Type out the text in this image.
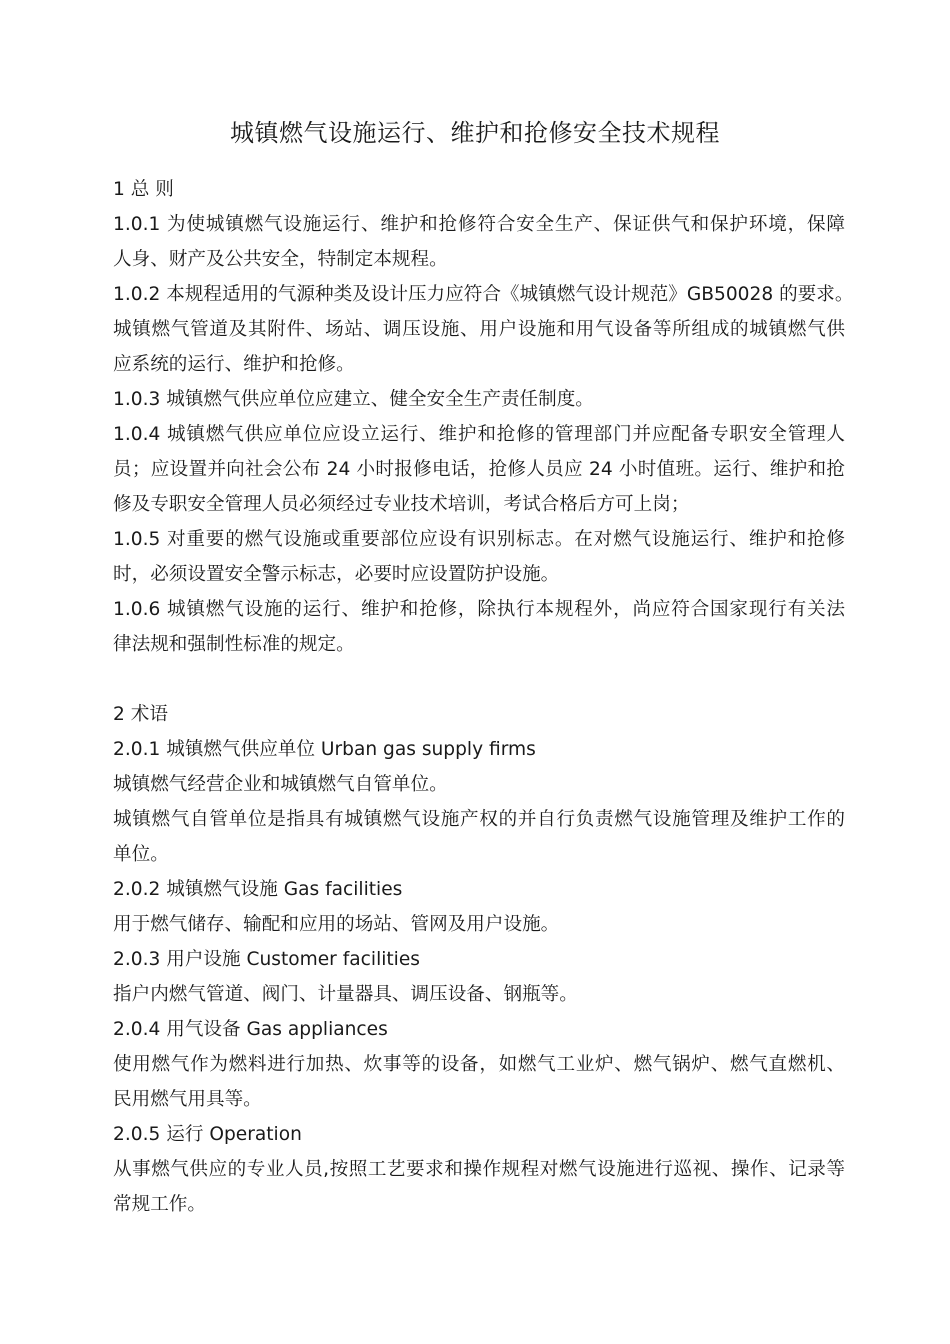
城镇燃气设施运行、维护和抢修安全技术规程
1 总 则
1.0.1 为使城镇燃气设施运行、维护和抢修符合安全生产、保证供气和保护环境，保障
人身、财产及公共安全，特制定本规程。
1.0.2 本规程适用的气源种类及设计压力应符合《城镇燃气设计规范》GB50028 的要求。
城镇燃气管道及其附件、场站、调压设施、用户设施和用气设备等所组成的城镇燃气供
应系统的运行、维护和抢修。
1.0.3 城镇燃气供应单位应建立、健全安全生产责任制度。
1.0.4 城镇燃气供应单位应设立运行、维护和抢修的管理部门并应配备专职安全管理人
员；应设置并向社会公布 24 小时报修电话，抢修人员应 24 小时值班。运行、维护和抢
修及专职安全管理人员必须经过专业技术培训，考试合格后方可上岗；
1.0.5 对重要的燃气设施或重要部位应设有识别标志。在对燃气设施运行、维护和抢修
时，必须设置安全警示标志，必要时应设置防护设施。
1.0.6 城镇燃气设施的运行、维护和抢修，除执行本规程外，尚应符合国家现行有关法
律法规和强制性标准的规定。
2 术语
2.0.1 城镇燃气供应单位 Urban gas supply firms
城镇燃气经营企业和城镇燃气自管单位。
城镇燃气自管单位是指具有城镇燃气设施产权的并自行负责燃气设施管理及维护工作的
单位。
2.0.2 城镇燃气设施 Gas facilities
用于燃气储存、输配和应用的场站、管网及用户设施。
2.0.3 用户设施 Customer facilities
指户内燃气管道、阀门、计量器具、调压设备、钢瓶等。
2.0.4 用气设备 Gas appliances
使用燃气作为燃料进行加热、炊事等的设备，如燃气工业炉、燃气锅炉、燃气直燃机、
民用燃气用具等。
2.0.5 运行 Operation
从事燃气供应的专业人员,按照工艺要求和操作规程对燃气设施进行巡视、操作、记录等
常规工作。
